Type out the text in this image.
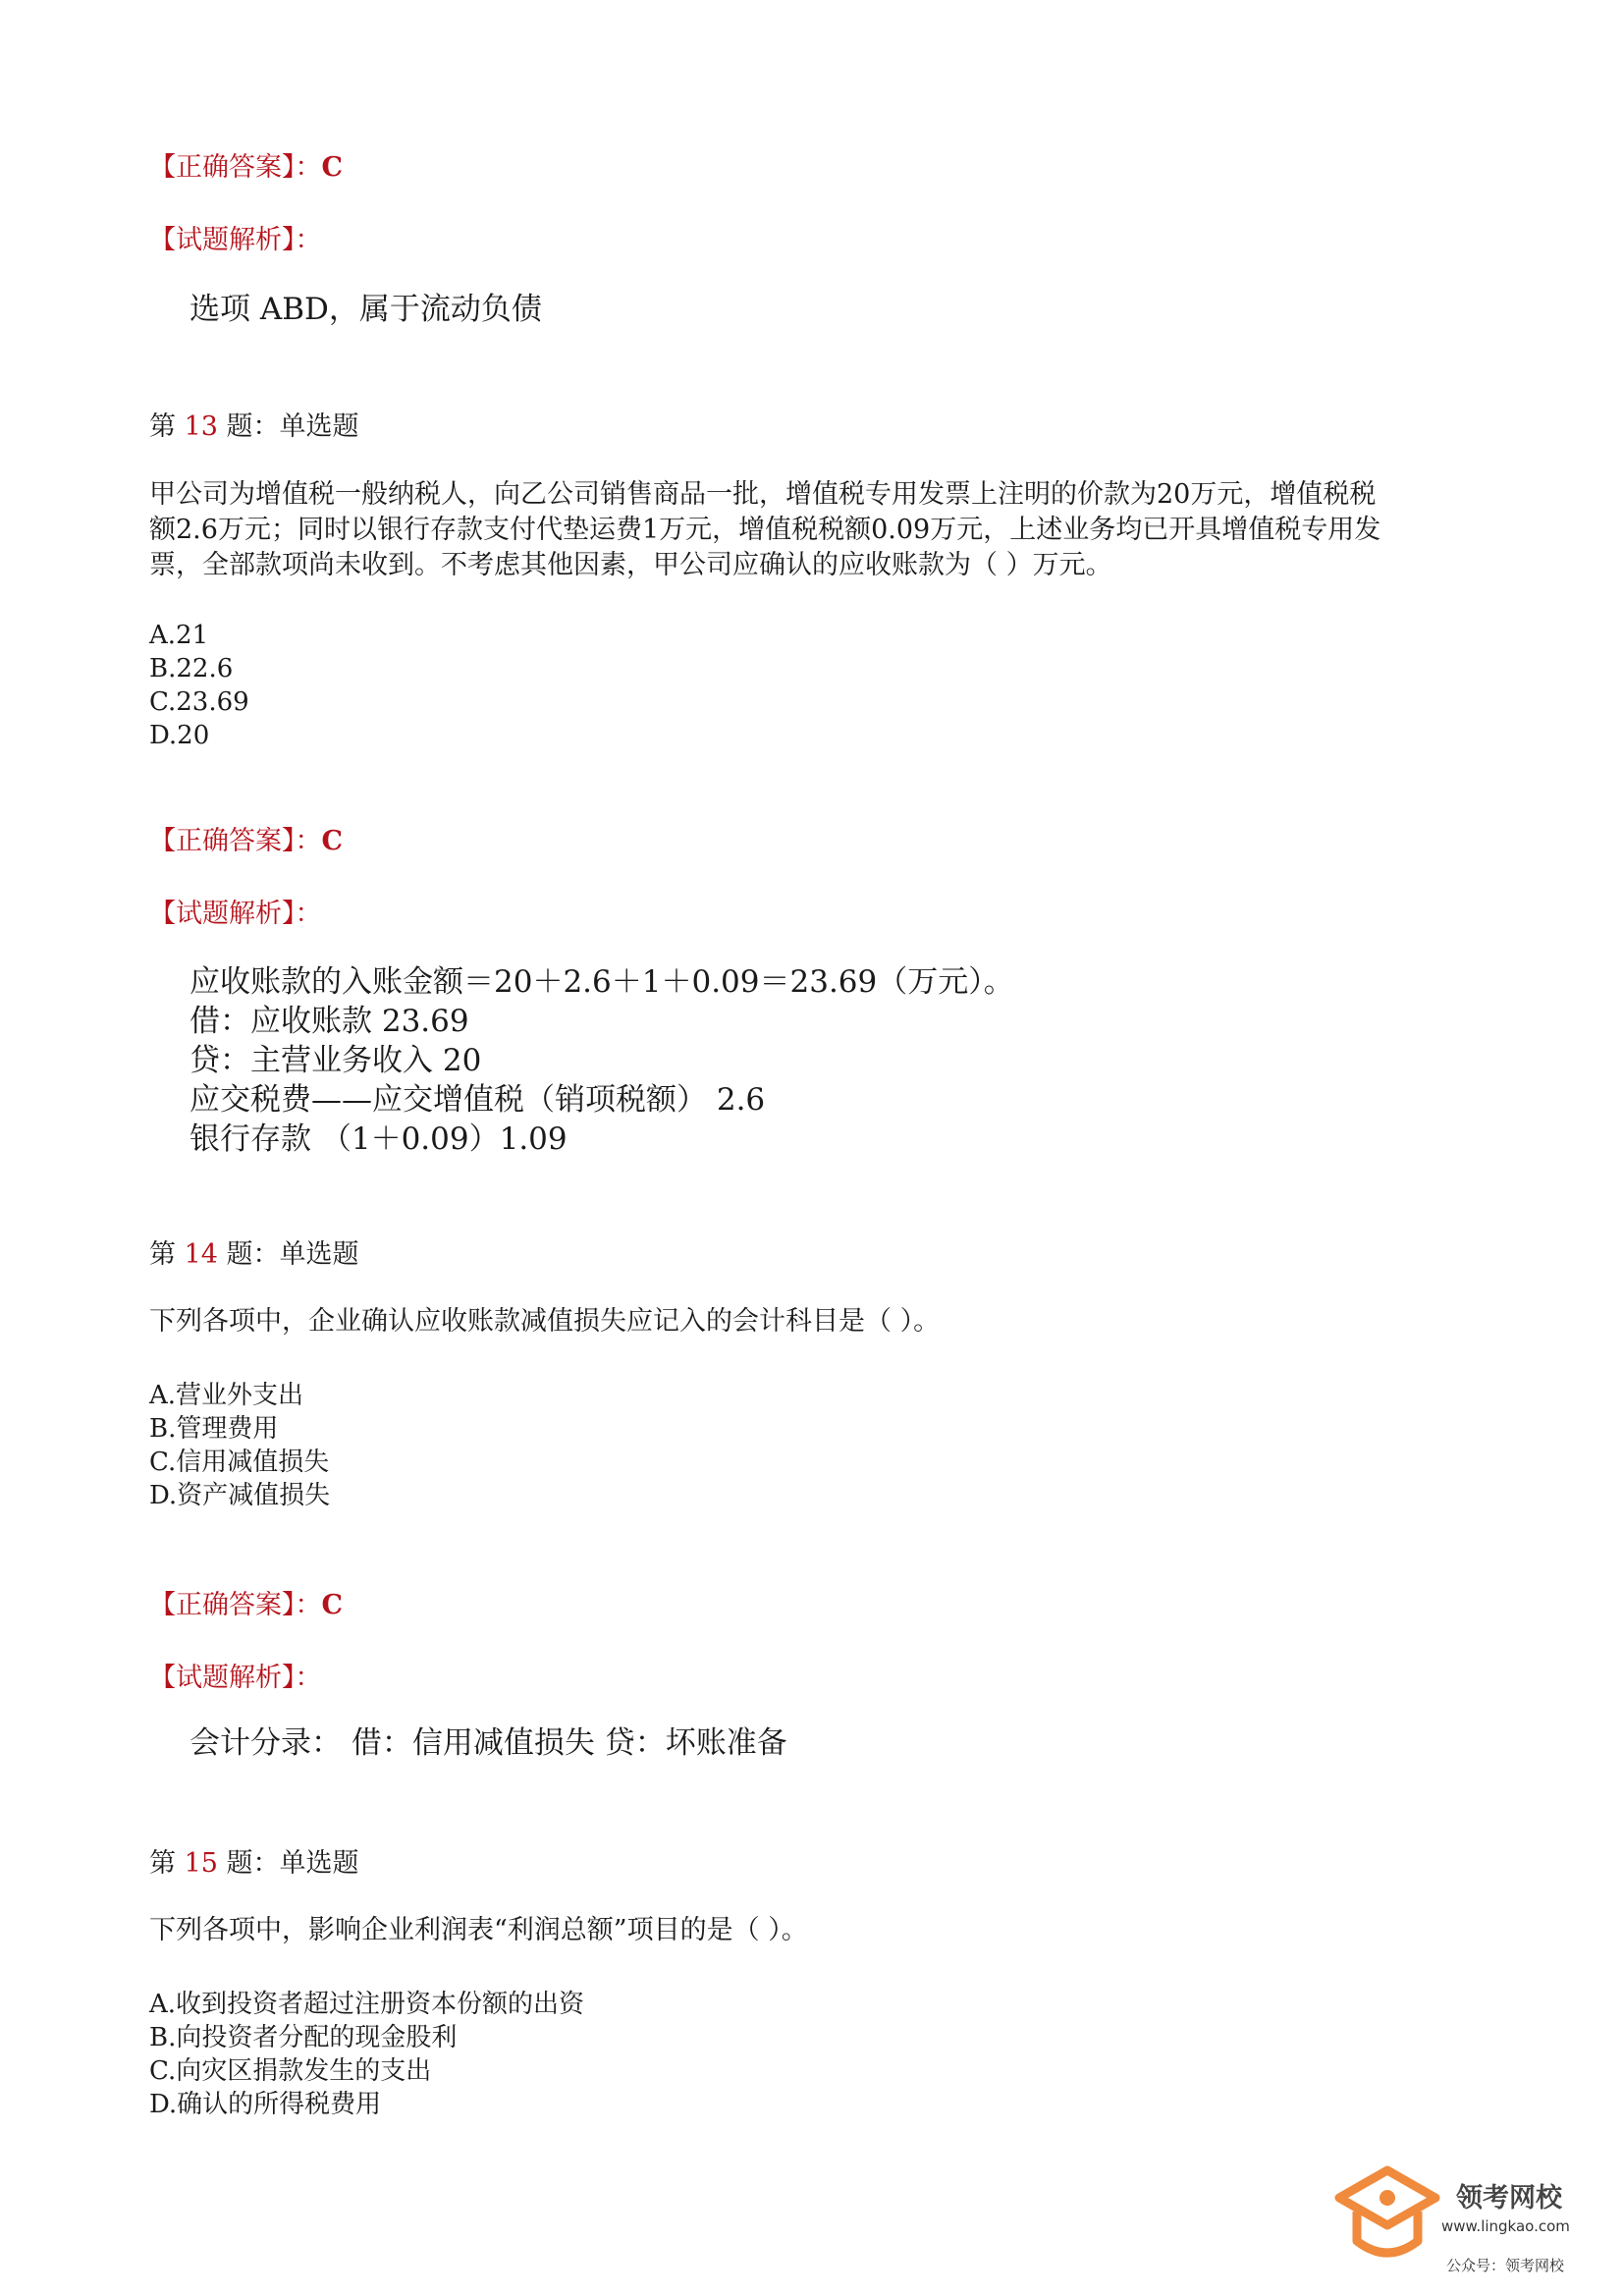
【正确答案】：C
【试题解析】：
选项 ABD，属于流动负债
第 13 题：单选题
甲公司为增值税一般纳税人，向乙公司销售商品一批，增值税专用发票上注明的价款为20万元，增值税税
额2.6万元；同时以银行存款支付代垫运费1万元，增值税税额0.09万元，上述业务均已开具增值税专用发
票，全部款项尚未收到。不考虑其他因素，甲公司应确认的应收账款为（ ）万元。
A.21
B.22.6
C.23.69
D.20
【正确答案】：C
【试题解析】：
应收账款的入账金额＝20＋2.6＋1＋0.09＝23.69（万元）。
借：应收账款 23.69
贷：主营业务收入 20
应交税费——应交增值税（销项税额） 2.6
银行存款 （1＋0.09）1.09
第 14 题：单选题
下列各项中，企业确认应收账款减值损失应记入的会计科目是（ ）。
A.营业外支出
B.管理费用
C.信用减值损失
D.资产减值损失
【正确答案】：C
【试题解析】：
会计分录： 借：信用减值损失 贷：坏账准备
第 15 题：单选题
下列各项中，影响企业利润表“利润总额”项目的是（ ）。
A.收到投资者超过注册资本份额的出资
B.向投资者分配的现金股利
C.向灾区捐款发生的支出
D.确认的所得税费用
领考网校
www.lingkao.com
公众号：领考网校
